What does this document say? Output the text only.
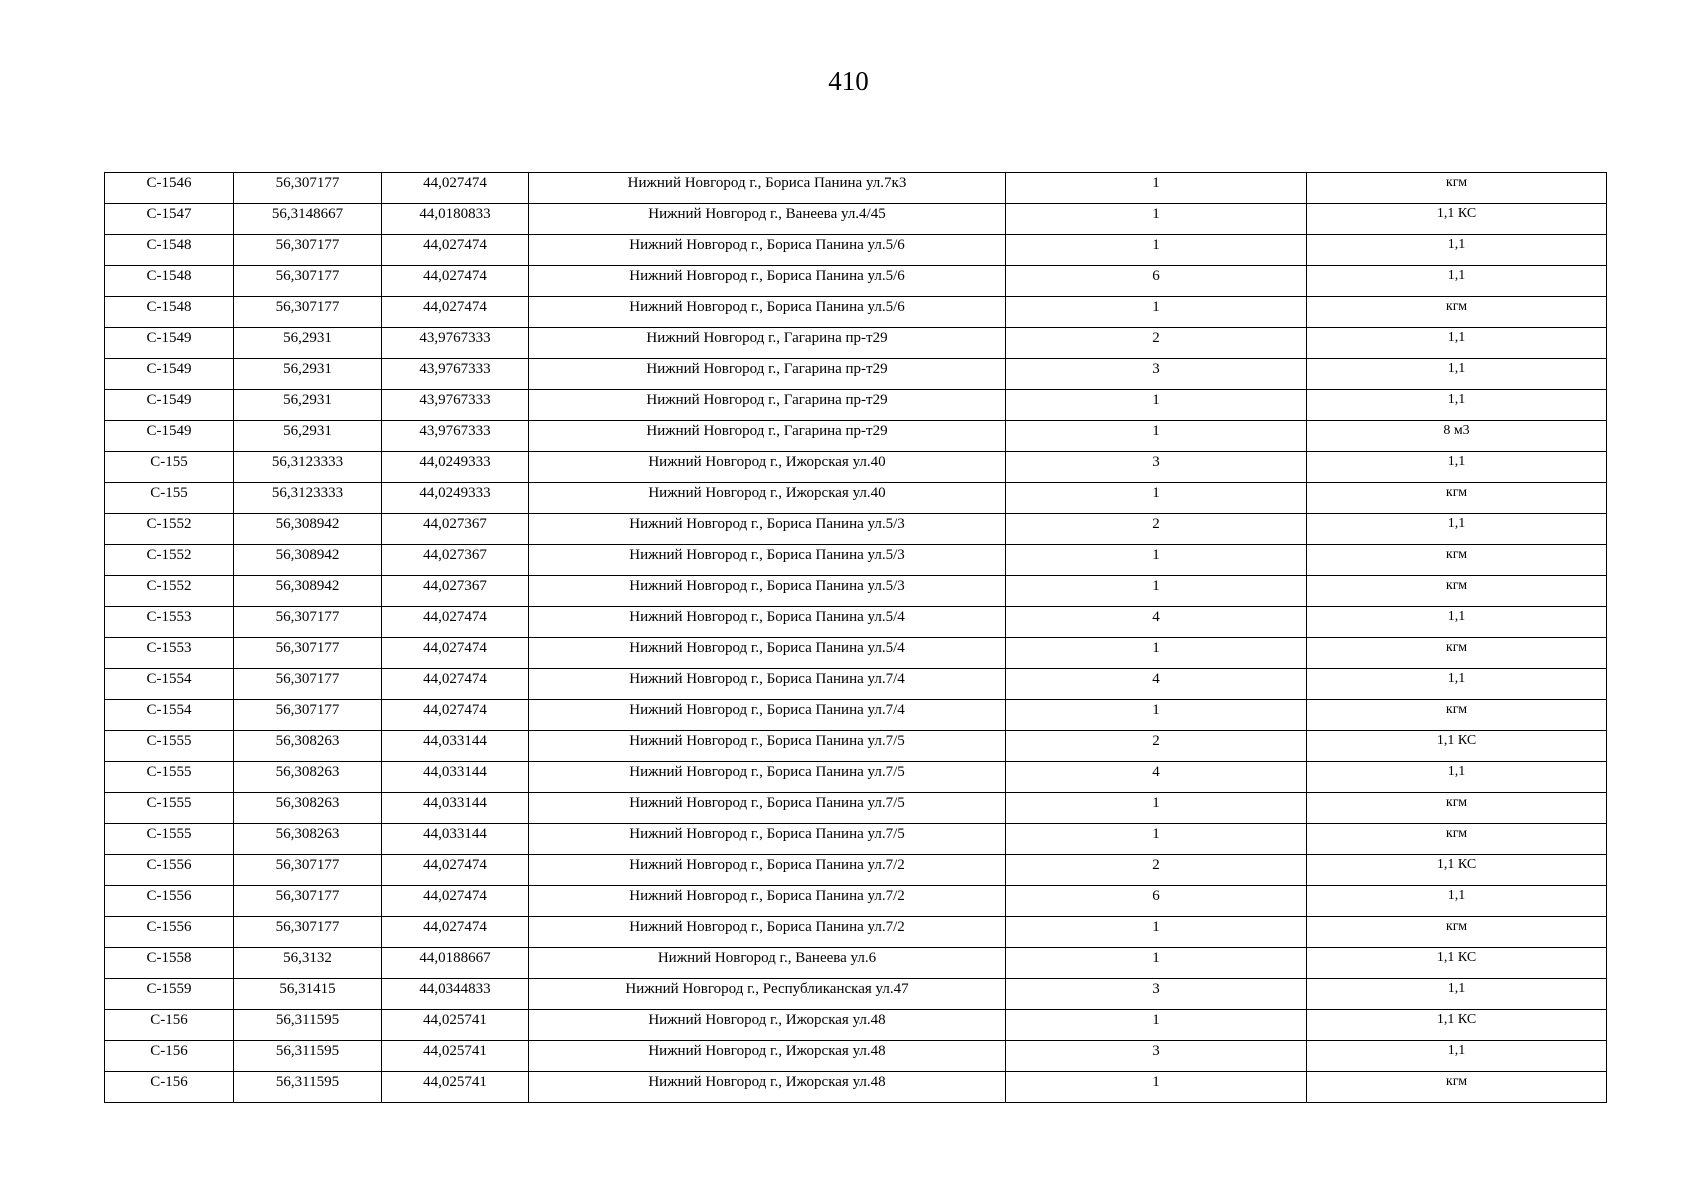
410
С-1546	56,307177	44,027474	Нижний Новгород г., Бориса Панина ул.7к3	1	кгм
С-1547	56,3148667	44,0180833	Нижний Новгород г., Ванеева ул.4/45	1	1,1 КС
С-1548	56,307177	44,027474	Нижний Новгород г., Бориса Панина ул.5/6	1	1,1
С-1548	56,307177	44,027474	Нижний Новгород г., Бориса Панина ул.5/6	6	1,1
С-1548	56,307177	44,027474	Нижний Новгород г., Бориса Панина ул.5/6	1	кгм
С-1549	56,2931	43,9767333	Нижний Новгород г., Гагарина пр-т29	2	1,1
С-1549	56,2931	43,9767333	Нижний Новгород г., Гагарина пр-т29	3	1,1
С-1549	56,2931	43,9767333	Нижний Новгород г., Гагарина пр-т29	1	1,1
С-1549	56,2931	43,9767333	Нижний Новгород г., Гагарина пр-т29	1	8 м3
С-155	56,3123333	44,0249333	Нижний Новгород г., Ижорская ул.40	3	1,1
С-155	56,3123333	44,0249333	Нижний Новгород г., Ижорская ул.40	1	кгм
С-1552	56,308942	44,027367	Нижний Новгород г., Бориса Панина ул.5/3	2	1,1
С-1552	56,308942	44,027367	Нижний Новгород г., Бориса Панина ул.5/3	1	кгм
С-1552	56,308942	44,027367	Нижний Новгород г., Бориса Панина ул.5/3	1	кгм
С-1553	56,307177	44,027474	Нижний Новгород г., Бориса Панина ул.5/4	4	1,1
С-1553	56,307177	44,027474	Нижний Новгород г., Бориса Панина ул.5/4	1	кгм
С-1554	56,307177	44,027474	Нижний Новгород г., Бориса Панина ул.7/4	4	1,1
С-1554	56,307177	44,027474	Нижний Новгород г., Бориса Панина ул.7/4	1	кгм
С-1555	56,308263	44,033144	Нижний Новгород г., Бориса Панина ул.7/5	2	1,1 КС
С-1555	56,308263	44,033144	Нижний Новгород г., Бориса Панина ул.7/5	4	1,1
С-1555	56,308263	44,033144	Нижний Новгород г., Бориса Панина ул.7/5	1	кгм
С-1555	56,308263	44,033144	Нижний Новгород г., Бориса Панина ул.7/5	1	кгм
С-1556	56,307177	44,027474	Нижний Новгород г., Бориса Панина ул.7/2	2	1,1 КС
С-1556	56,307177	44,027474	Нижний Новгород г., Бориса Панина ул.7/2	6	1,1
С-1556	56,307177	44,027474	Нижний Новгород г., Бориса Панина ул.7/2	1	кгм
С-1558	56,3132	44,0188667	Нижний Новгород г., Ванеева ул.6	1	1,1 КС
С-1559	56,31415	44,0344833	Нижний Новгород г., Республиканская ул.47	3	1,1
С-156	56,311595	44,025741	Нижний Новгород г., Ижорская ул.48	1	1,1 КС
С-156	56,311595	44,025741	Нижний Новгород г., Ижорская ул.48	3	1,1
С-156	56,311595	44,025741	Нижний Новгород г., Ижорская ул.48	1	кгм
